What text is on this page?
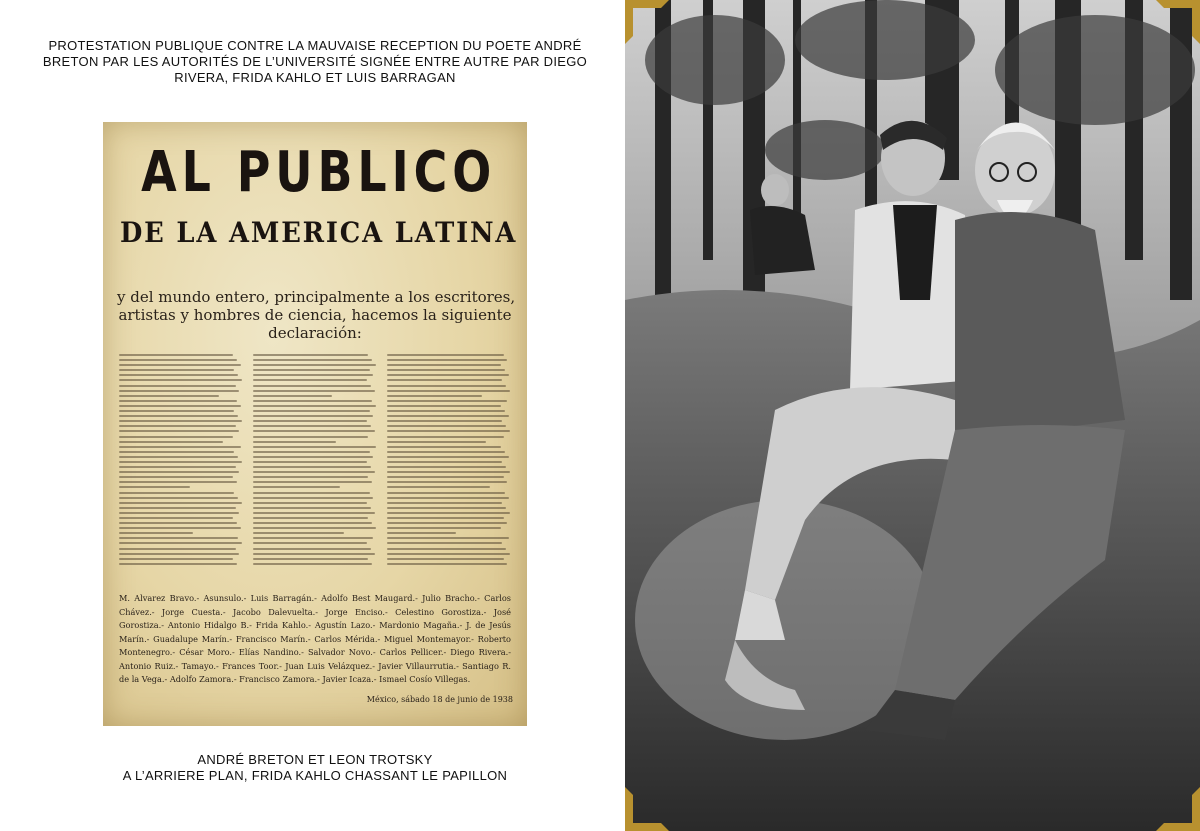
PROTESTATION PUBLIQUE CONTRE LA MAUVAISE RECEPTION DU POETE ANDRÉ
BRETON PAR LES AUTORITÉS DE L’UNIVERSITÉ SIGNÉE ENTRE AUTRE PAR DIEGO
RIVERA, FRIDA KAHLO ET LUIS BARRAGAN
AL PUBLICO
DE LA AMERICA LATINA
y del mundo entero, principalmente a los escritores,
artistas y hombres de ciencia, hacemos la siguiente
declaración:
M. Alvarez Bravo.- Asunsulo.- Luis Barragán.- Adolfo Best Maugard.- Julio Bracho.- Carlos Chávez.- Jorge Cuesta.- Jacobo Dalevuelta.- Jorge Enciso.- Celestino Gorostiza.- José Gorostiza.- Antonio Hidalgo B.- Frida Kahlo.- Agustín Lazo.- Mardonio Magaña.- J. de Jesús Marín.- Guadalupe Marín.- Francisco Marín.- Carlos Mérida.- Miguel Montemayor.- Roberto Montenegro.- César Moro.- Elías Nandino.- Salvador Novo.- Carlos Pellicer.- Diego Rivera.- Antonio Ruiz.- Tamayo.- Frances Toor.- Juan Luis Velázquez.- Javier Villaurrutia.- Santiago R. de la Vega.- Adolfo Zamora.- Francisco Zamora.- Javier Icaza.- Ismael Cosío Villegas.
México, sábado 18 de junio de 1938
ANDRÉ BRETON ET LEON TROTSKY
A L’ARRIERE PLAN, FRIDA KAHLO CHASSANT LE PAPILLON
